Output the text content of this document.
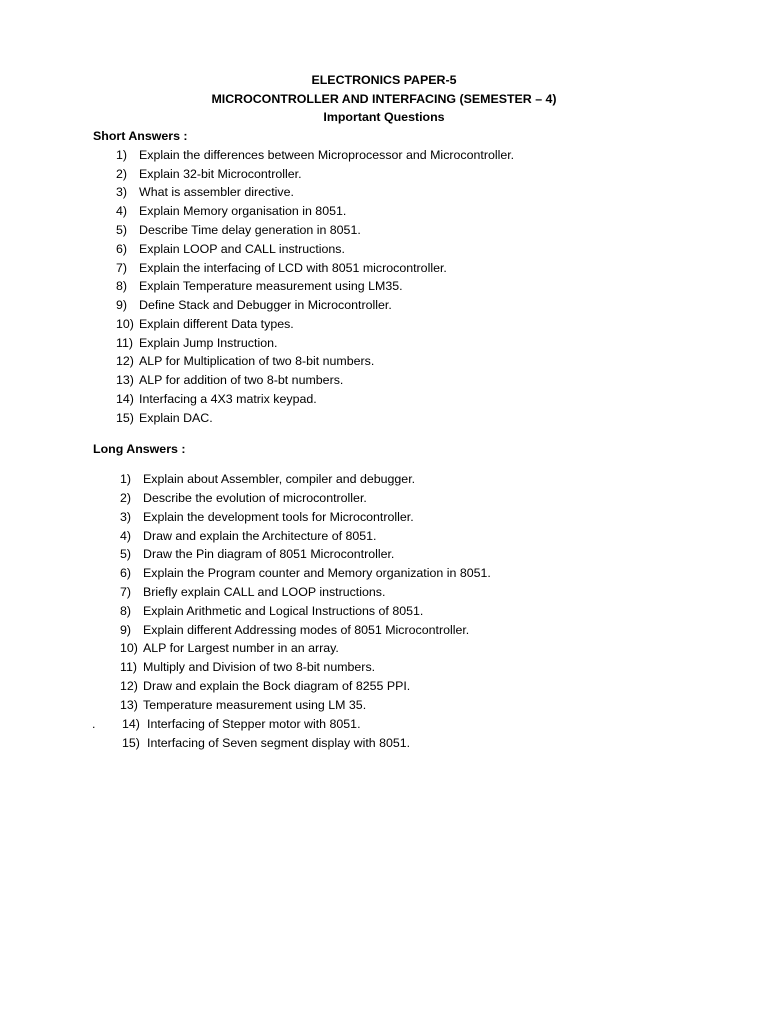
ELECTRONICS PAPER-5
MICROCONTROLLER AND INTERFACING (SEMESTER – 4)
Important Questions
Short Answers :
1) Explain the differences between Microprocessor and Microcontroller.
2) Explain 32-bit Microcontroller.
3) What is assembler directive.
4) Explain Memory organisation in 8051.
5) Describe Time delay generation in 8051.
6) Explain LOOP and CALL instructions.
7) Explain the interfacing of LCD with 8051 microcontroller.
8) Explain Temperature measurement using LM35.
9) Define Stack and Debugger in Microcontroller.
10) Explain different Data types.
11) Explain Jump Instruction.
12) ALP for Multiplication of two 8-bit numbers.
13) ALP for addition of two 8-bt numbers.
14) Interfacing a 4X3 matrix keypad.
15) Explain DAC.
Long Answers :
1) Explain about Assembler, compiler and debugger.
2) Describe the evolution of microcontroller.
3) Explain the development tools for Microcontroller.
4) Draw and explain the Architecture of 8051.
5) Draw the Pin diagram of 8051 Microcontroller.
6) Explain the Program counter and Memory organization in 8051.
7) Briefly explain CALL and LOOP instructions.
8) Explain Arithmetic and Logical Instructions of 8051.
9) Explain different Addressing modes of 8051 Microcontroller.
10) ALP for Largest number in an array.
11) Multiply and Division of two 8-bit numbers.
12) Draw and explain the Bock diagram of 8255 PPI.
13) Temperature measurement using LM 35.
. 14) Interfacing of Stepper motor with 8051.
15) Interfacing of Seven segment display with 8051.
